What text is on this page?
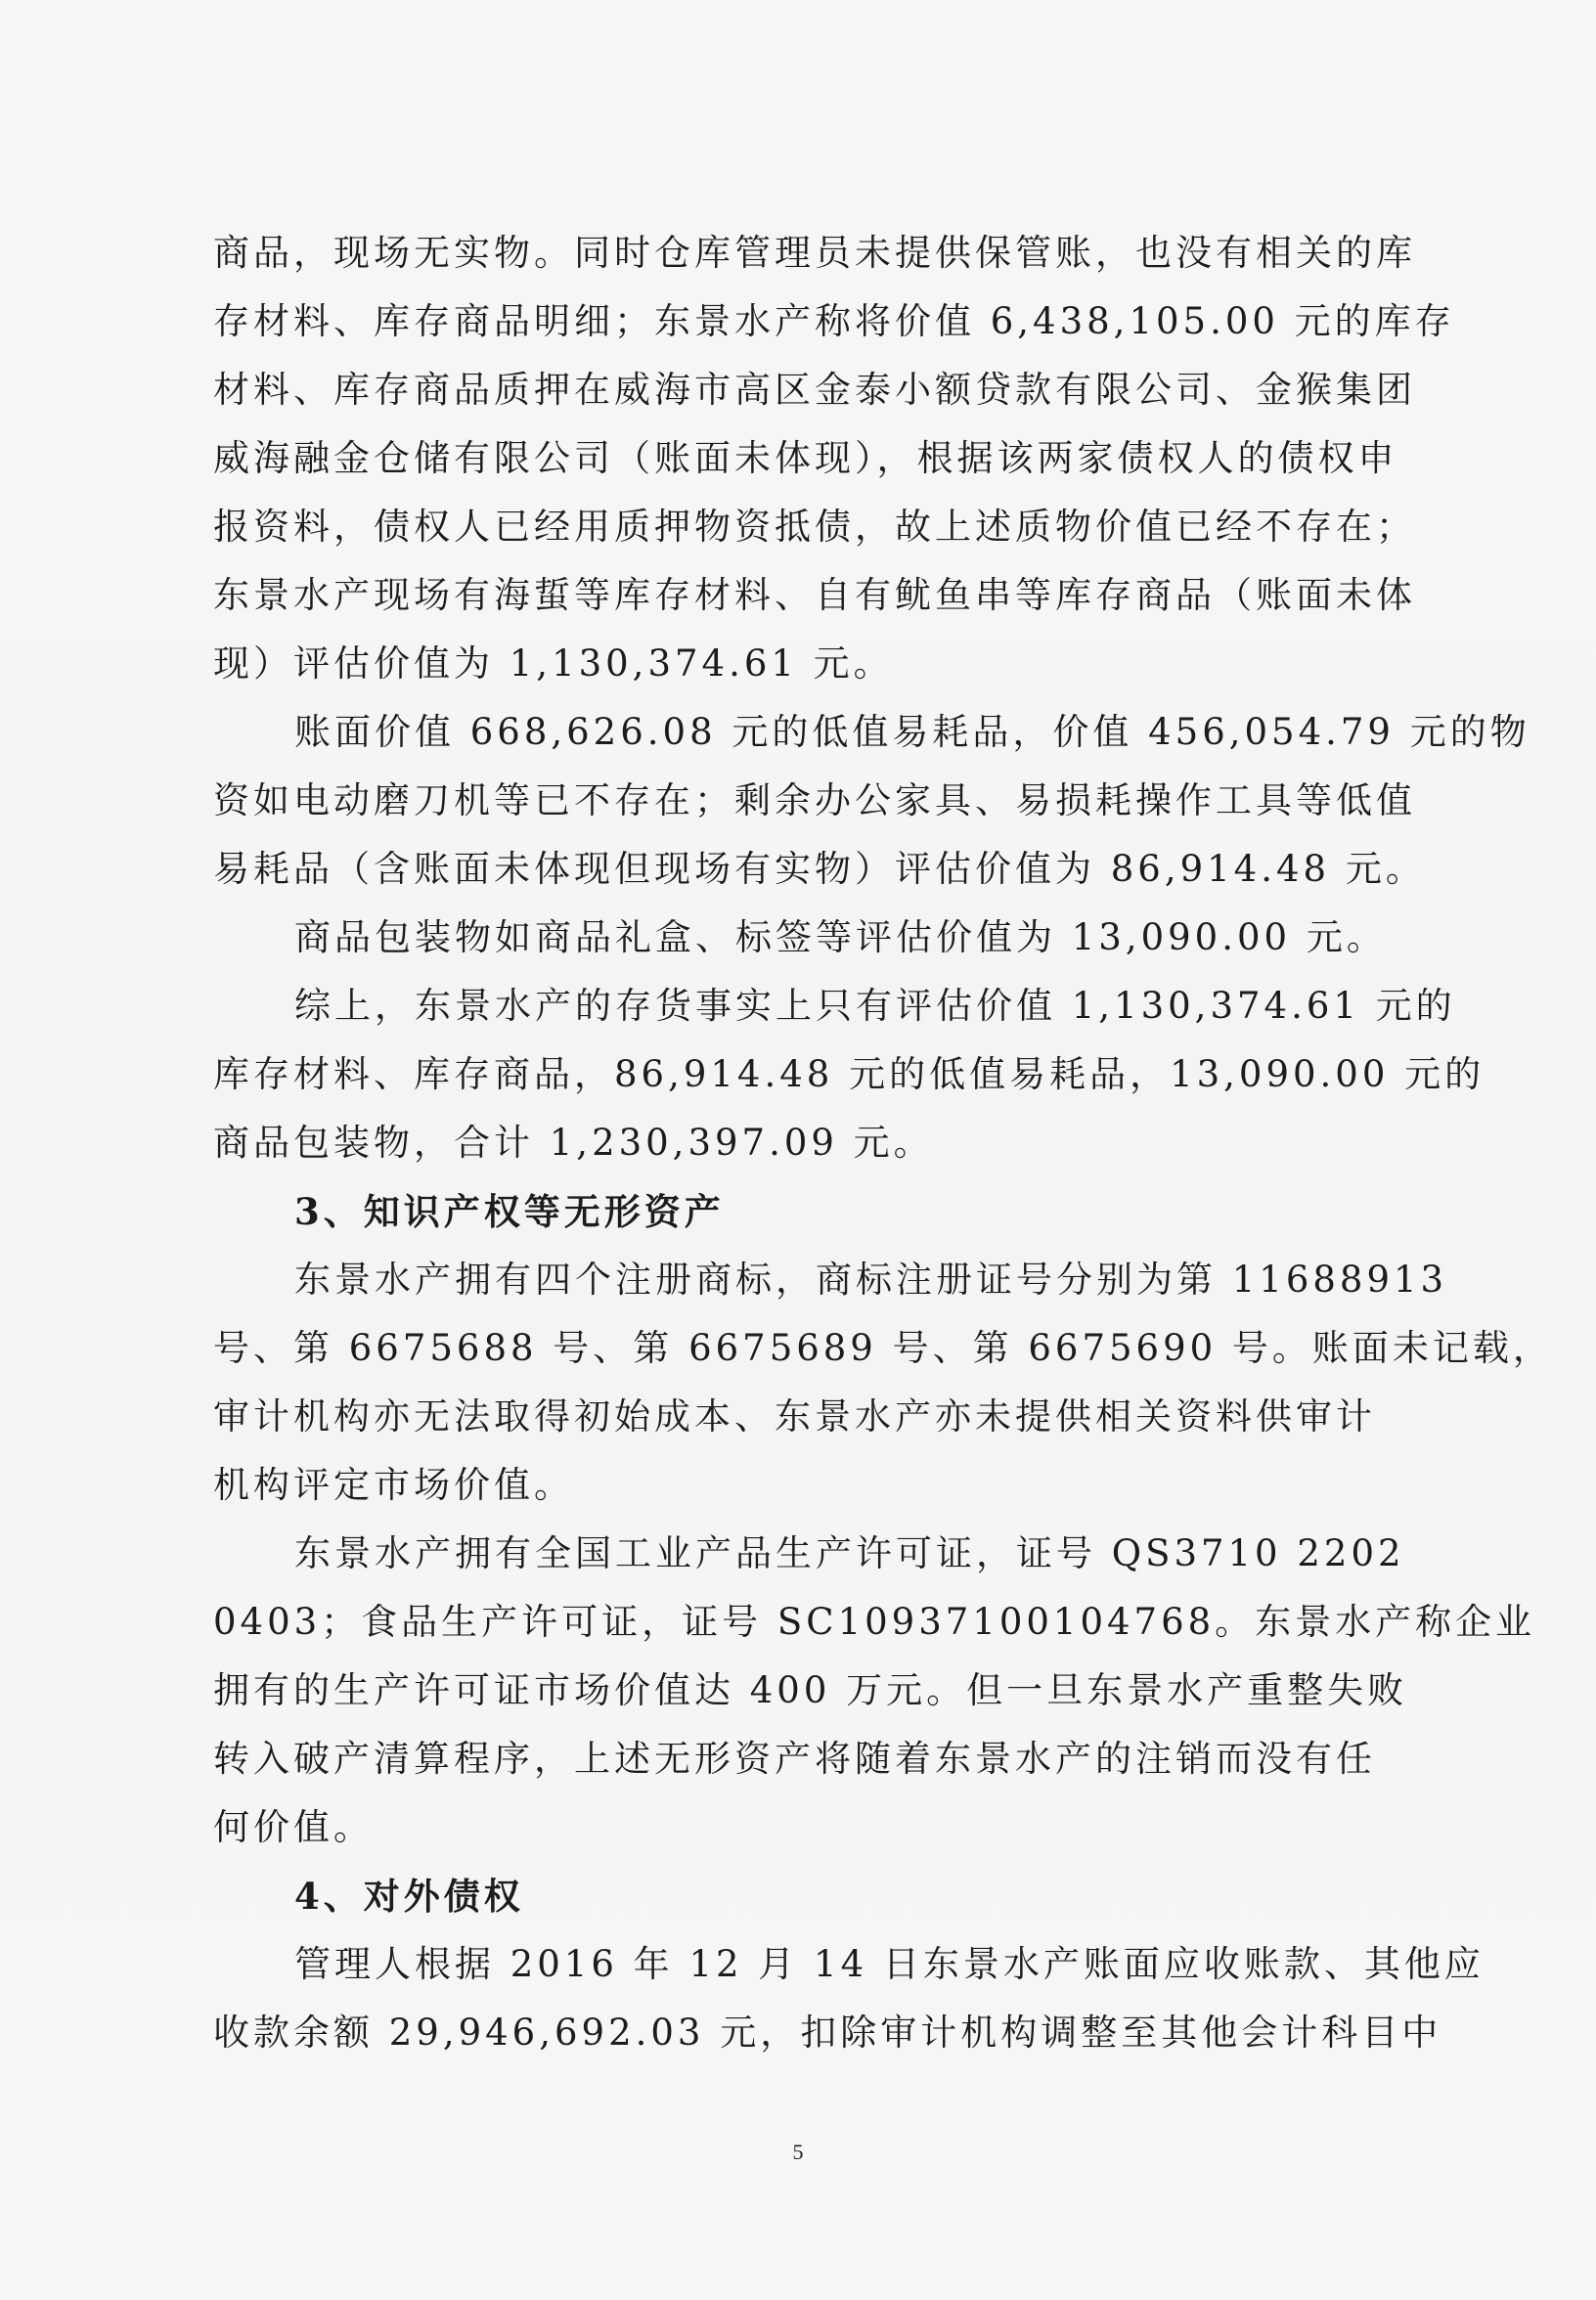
商品，现场无实物。同时仓库管理员未提供保管账，也没有相关的库
存材料、库存商品明细；东景水产称将价值 6,438,105.00 元的库存
材料、库存商品质押在威海市高区金泰小额贷款有限公司、金猴集团
威海融金仓储有限公司（账面未体现），根据该两家债权人的债权申
报资料，债权人已经用质押物资抵债，故上述质物价值已经不存在；
东景水产现场有海蜇等库存材料、自有鱿鱼串等库存商品（账面未体
现）评估价值为 1,130,374.61 元。
账面价值 668,626.08 元的低值易耗品，价值 456,054.79 元的物
资如电动磨刀机等已不存在；剩余办公家具、易损耗操作工具等低值
易耗品（含账面未体现但现场有实物）评估价值为 86,914.48 元。
商品包装物如商品礼盒、标签等评估价值为 13,090.00 元。
综上，东景水产的存货事实上只有评估价值 1,130,374.61 元的
库存材料、库存商品，86,914.48 元的低值易耗品，13,090.00 元的
商品包装物，合计 1,230,397.09 元。
3、知识产权等无形资产
东景水产拥有四个注册商标，商标注册证号分别为第 11688913
号、第 6675688 号、第 6675689 号、第 6675690 号。账面未记载，
审计机构亦无法取得初始成本、东景水产亦未提供相关资料供审计
机构评定市场价值。
东景水产拥有全国工业产品生产许可证，证号 QS3710 2202
0403；食品生产许可证，证号 SC10937100104768。东景水产称企业
拥有的生产许可证市场价值达 400 万元。但一旦东景水产重整失败
转入破产清算程序，上述无形资产将随着东景水产的注销而没有任
何价值。
4、对外债权
管理人根据 2016 年 12 月 14 日东景水产账面应收账款、其他应
收款余额 29,946,692.03 元，扣除审计机构调整至其他会计科目中
5
